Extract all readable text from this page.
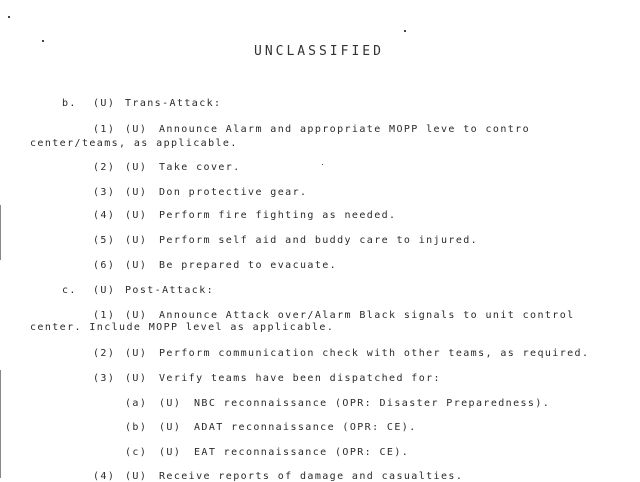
UNCLASSIFIED
b. (U) Trans-Attack:
(1) (U) Announce Alarm and appropriate MOPP leve to contro
center/teams, as applicable.
(2) (U) Take cover.
(3) (U) Don protective gear.
(4) (U) Perform fire fighting as needed.
(5) (U) Perform self aid and buddy care to injured.
(6) (U) Be prepared to evacuate.
c. (U) Post-Attack:
(1) (U) Announce Attack over/Alarm Black signals to unit control
center. Include MOPP level as applicable.
(2) (U) Perform communication check with other teams, as required.
(3) (U) Verify teams have been dispatched for:
(a) (U) NBC reconnaissance (OPR: Disaster Preparedness).
(b) (U) ADAT reconnaissance (OPR: CE).
(c) (U) EAT reconnaissance (OPR: CE).
(4) (U) Receive reports of damage and casualties.
